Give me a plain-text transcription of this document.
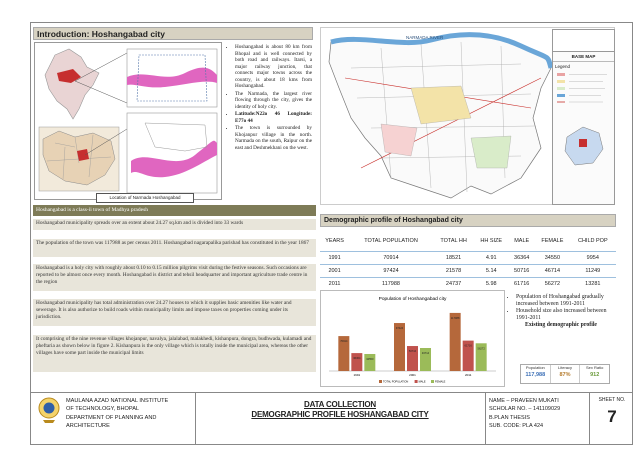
Introduction: Hoshangabad city
Location of Narmada Hoshangabad
• Hoshangabad is about 80 km from Bhopal and is well connected by both road and railways. Itarsi, a major railway junction, that connects major towns across the country, is about 18 kms from Hoshangabad.
• The Narmada, the largest river flowing through the city, gives the identity of holy city.
• Latitude:N22o 46 Longitude: E77o 44
• The town is surrounded by Khojanpur village in the north. Narmada on the south, Raipur on the east and Deshmekhani on the west.
Hoshangabad is a class-ii town of Madhya pradesh
Hoshangabad municipality spreads over an extent about 24.27 sq.km and is divided into 33 wards
The population of the town was 117988 as per census 2011. Hoshangabad nagarapalika parishad has constituted in the year 1867
Hoshangabad is a holy city with roughly about 0.10 to 0.15 million pilgrims visit during the festive seasons. Such occasions are reported to be almost once every month. Hoshangabad is district and tehsil headquarter and important agriculture trade centre in the region
Hoshangabad municipality has total administration over 24.27 houses to which it supplies basic amenities like water and sewerage. It is also authorize to build roads within municipality limits and impose taxes on properties coming under its jurisdiction.
It comprising of the nine revenue villages khojanpur, navalya, jalalabad, malakhedi, kishanpura, dongra, budhwada, kulamadi and pheftaria as shown below in figure 2. Kishanpura is the only village which is totally inside the municipal area, whereas the other villages have some part inside the municipal limits
NARMADA RIVER
BASE MAP
Legend
Demographic profile of Hoshangabad city
YEARS	TOTAL POPULATION	TOTAL HH	HH SIZE	MALE	FEMALE	CHILD POP
1991	70914	18521	4.91	36364	34550	9954
2001	97424	21578	5.14	50716	46714	11249
2011	117988	24737	5.98	61716	56272	13281
Population of Hoshangabad city
70914
36364 34550
1991
97424
50716
46714
2001
117988
61716
56272
2011
TOTAL POPULATION	MALE	FEMALE
• Population of Hoshangabad gradually increased between 1991-2011
• Household size also increased between 1991-2011
Existing demographic profile
Population
117,988
Literacy
87%
Sex Ratio
912
MAULANA AZAD NATIONAL INSTITUTE
OF TECHNOLOGY, BHOPAL
DEPARTMENT OF PLANNING AND
ARCHITECTURE
DATA COLLECTION
DEMOGRAPHIC PROFILE HOSHANGABAD CITY
NAME – PRAVEEN MUKATI
SCHOLAR NO. – 141109029
B.PLAN THESIS
SUB. CODE: PLA 424
SHEET NO.
7
